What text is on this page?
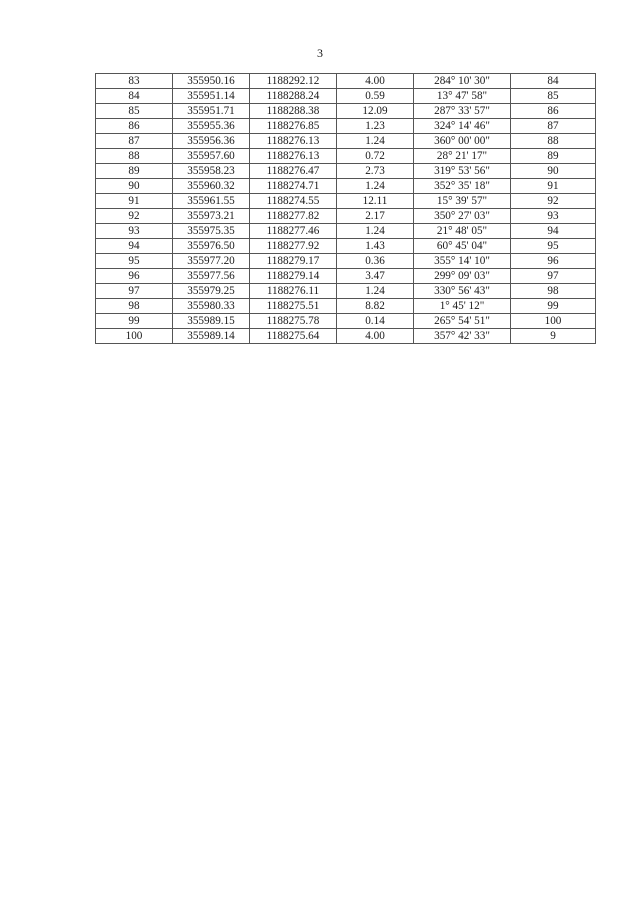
3
83	355950.16	1188292.12	4.00	284° 10' 30"	84
84	355951.14	1188288.24	0.59	13° 47' 58"	85
85	355951.71	1188288.38	12.09	287° 33' 57"	86
86	355955.36	1188276.85	1.23	324° 14' 46"	87
87	355956.36	1188276.13	1.24	360° 00' 00"	88
88	355957.60	1188276.13	0.72	28° 21' 17"	89
89	355958.23	1188276.47	2.73	319° 53' 56"	90
90	355960.32	1188274.71	1.24	352° 35' 18"	91
91	355961.55	1188274.55	12.11	15° 39' 57"	92
92	355973.21	1188277.82	2.17	350° 27' 03"	93
93	355975.35	1188277.46	1.24	21° 48' 05"	94
94	355976.50	1188277.92	1.43	60° 45' 04"	95
95	355977.20	1188279.17	0.36	355° 14' 10"	96
96	355977.56	1188279.14	3.47	299° 09' 03"	97
97	355979.25	1188276.11	1.24	330° 56' 43"	98
98	355980.33	1188275.51	8.82	1° 45' 12"	99
99	355989.15	1188275.78	0.14	265° 54' 51"	100
100	355989.14	1188275.64	4.00	357° 42' 33"	9
